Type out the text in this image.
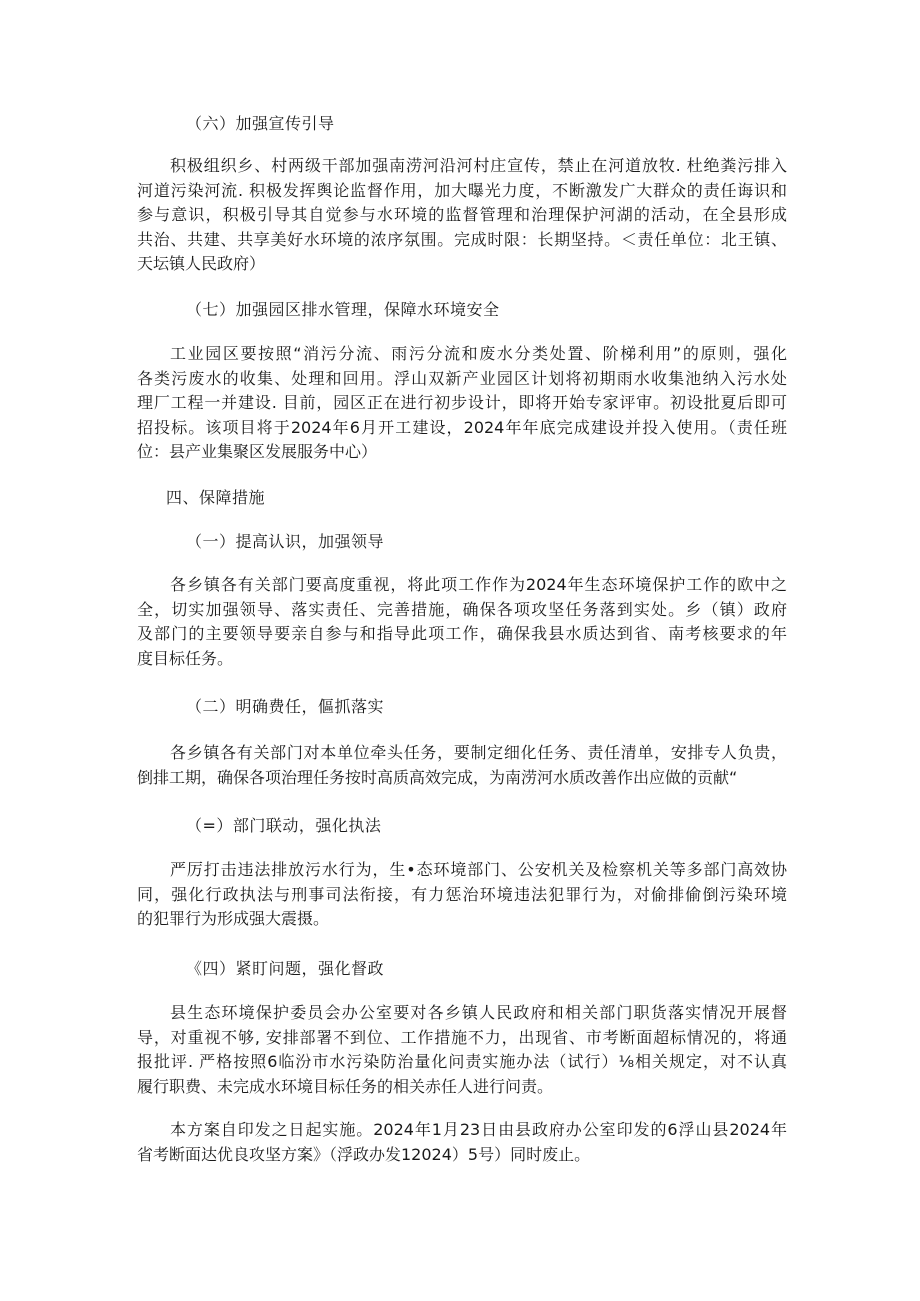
（六）加强宣传引导
积极组织乡、村两级干部加强南涝河沿河村庄宣传，禁止在河道放牧. 杜绝粪污排入
河道污染河流. 积极发挥舆论监督作用，加大曝光力度，不断激发广大群众的责任诲识和
参与意识，积极引导其自觉参与水环境的监督管理和治理保护河湖的活动，在全县形成
共治、共建、共享美好水环境的浓序氛围。完成时限：长期坚持。＜责任单位：北王镇、
天坛镇人民政府）
（七）加强园区排水管理，保障水环境安全
工业园区要按照“消污分流、雨污分流和废水分类处置、阶梯利用”的原则，强化
各类污废水的收集、处理和回用。浮山双新产业园区计划将初期雨水收集池纳入污水处
理厂工程一并建设. 目前，园区正在进行初步设计，即将开始专家评审。初设批夏后即可
招投标。该项目将于2024年6月开工建设，2024年年底完成建设并投入使用。（责任班
位：县产业集聚区发展服务中心）
四、保障措施
（一）提高认识，加强领导
各乡镇各有关部门要高度重视，将此项工作作为2024年生态环境保护工作的欧中之
全，切实加强领导、落实责任、完善措施，确保各项攻坚任务落到实处。乡（镇）政府
及部门的主要领导要亲自参与和指导此项工作，确保我县水质达到省、南考核要求的年
度目标任务。
（二）明确费任，傴抓落实
各乡镇各有关部门对本单位牵头任务，要制定细化任务、责任清单，安排专人负贵，
倒排工期，确保各项治理任务按时高质高效完成，为南涝河水质改善作出应做的贡献“
（=）部门联动，强化执法
严厉打击违法排放污水行为，生•态环境部门、公安机关及检察机关等多部门高效协
同，强化行政执法与刑事司法衔接，有力惩治环境违法犯罪行为，对偷排偷倒污染环境
的犯罪行为形成强大震摄。
《四）紧盯问题，强化督政
县生态环境保护委员会办公室要对各乡镇人民政府和相关部门职货落实情况开展督
导，对重视不够, 安排部署不到位、工作措施不力，出现省、市考断面超标情况的，将通
报批评. 严格按照6临汾市水污染防治量化问责实施办法（试行）⅛相关规定，对不认真
履行职费、未完成水环境目标任务的相关赤任人进行问责。
本方案自印发之日起实施。2024年1月23日由县政府办公室印发的6浮山县2024年
省考断面达优良攻坚方案》（浮政办发12024）5号）同时废止。
